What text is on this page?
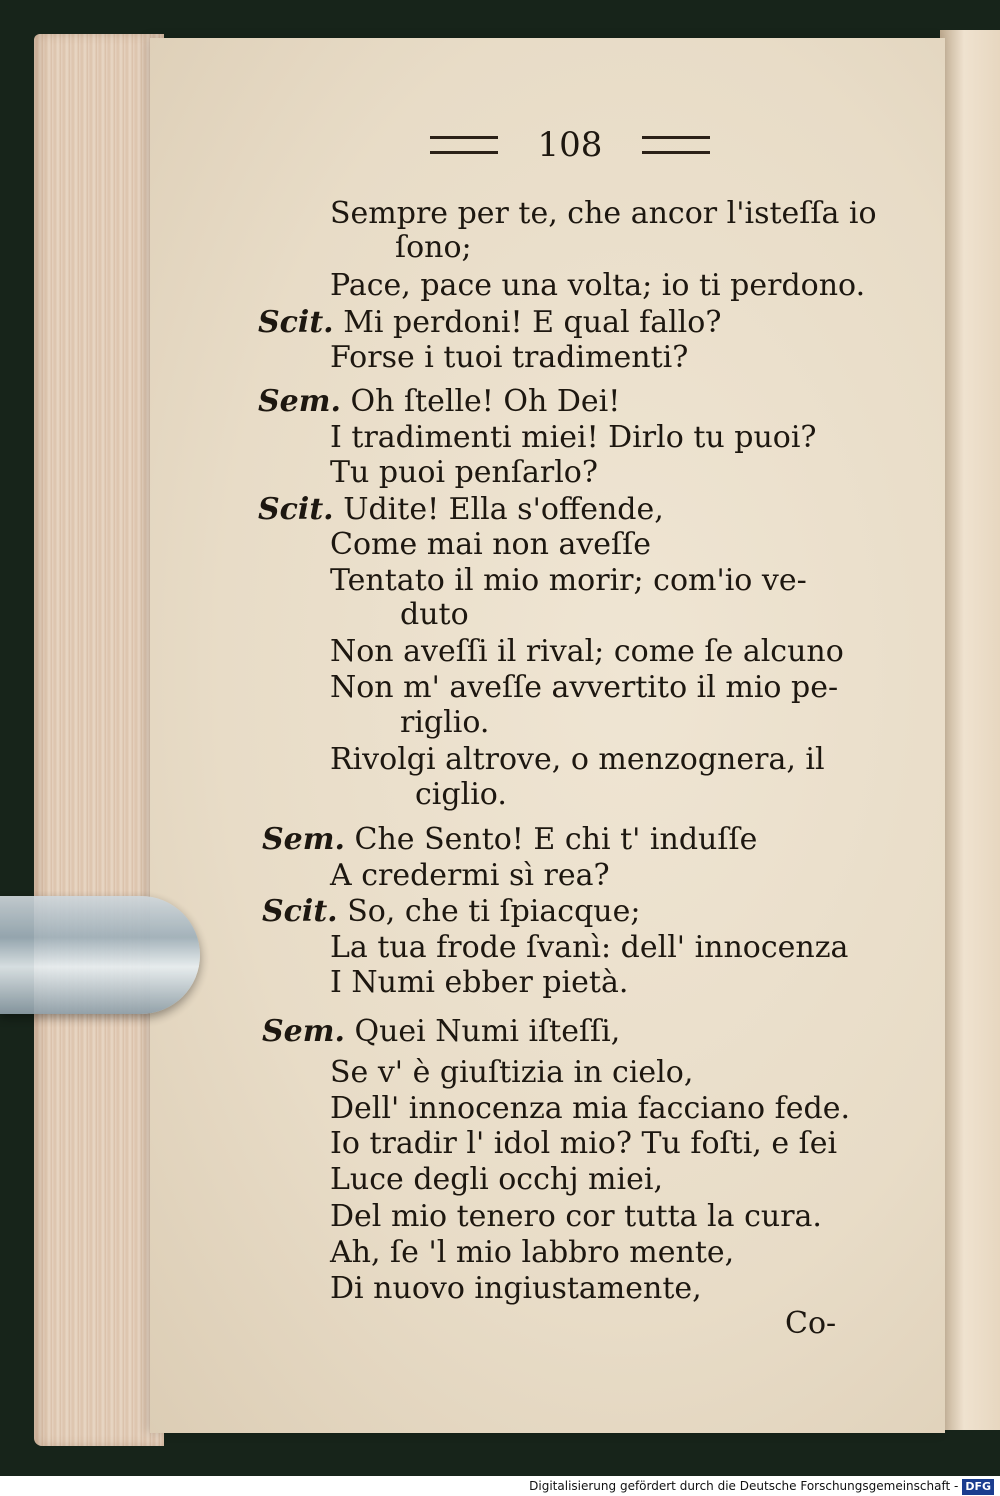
108
Sempre per te, che ancor l'isteſſa io
ſono;
Pace, pace una volta; io ti perdono.
Scit. Mi perdoni! E qual fallo?
Forse i tuoi tradimenti?
Sem. Oh ſtelle! Oh Dei!
I tradimenti miei! Dirlo tu puoi?
Tu puoi penſarlo?
Scit. Udite! Ella s'offende,
Come mai non aveſſe
Tentato il mio morir; com'io ve-
duto
Non aveſſi il rival; come ſe alcuno
Non m' aveſſe avvertito il mio pe-
riglio.
Rivolgi altrove, o menzognera, il
ciglio.
Sem. Che Sento! E chi t' induſſe
A credermi sì rea?
Scit. So, che ti ſpiacque;
La tua frode ſvanì: dell' innocenza
I Numi ebber pietà.
Sem. Quei Numi iſteſſi,
Se v' è giuſtizia in cielo,
Dell' innocenza mia facciano fede.
Io tradir l' idol mio? Tu foſti, e ſei
Luce degli occhj miei,
Del mio tenero cor tutta la cura.
Ah, ſe 'l mio labbro mente,
Di nuovo ingiustamente,
Co-
Digitalisierung gefördert durch die Deutsche Forschungsgemeinschaft - DFG
